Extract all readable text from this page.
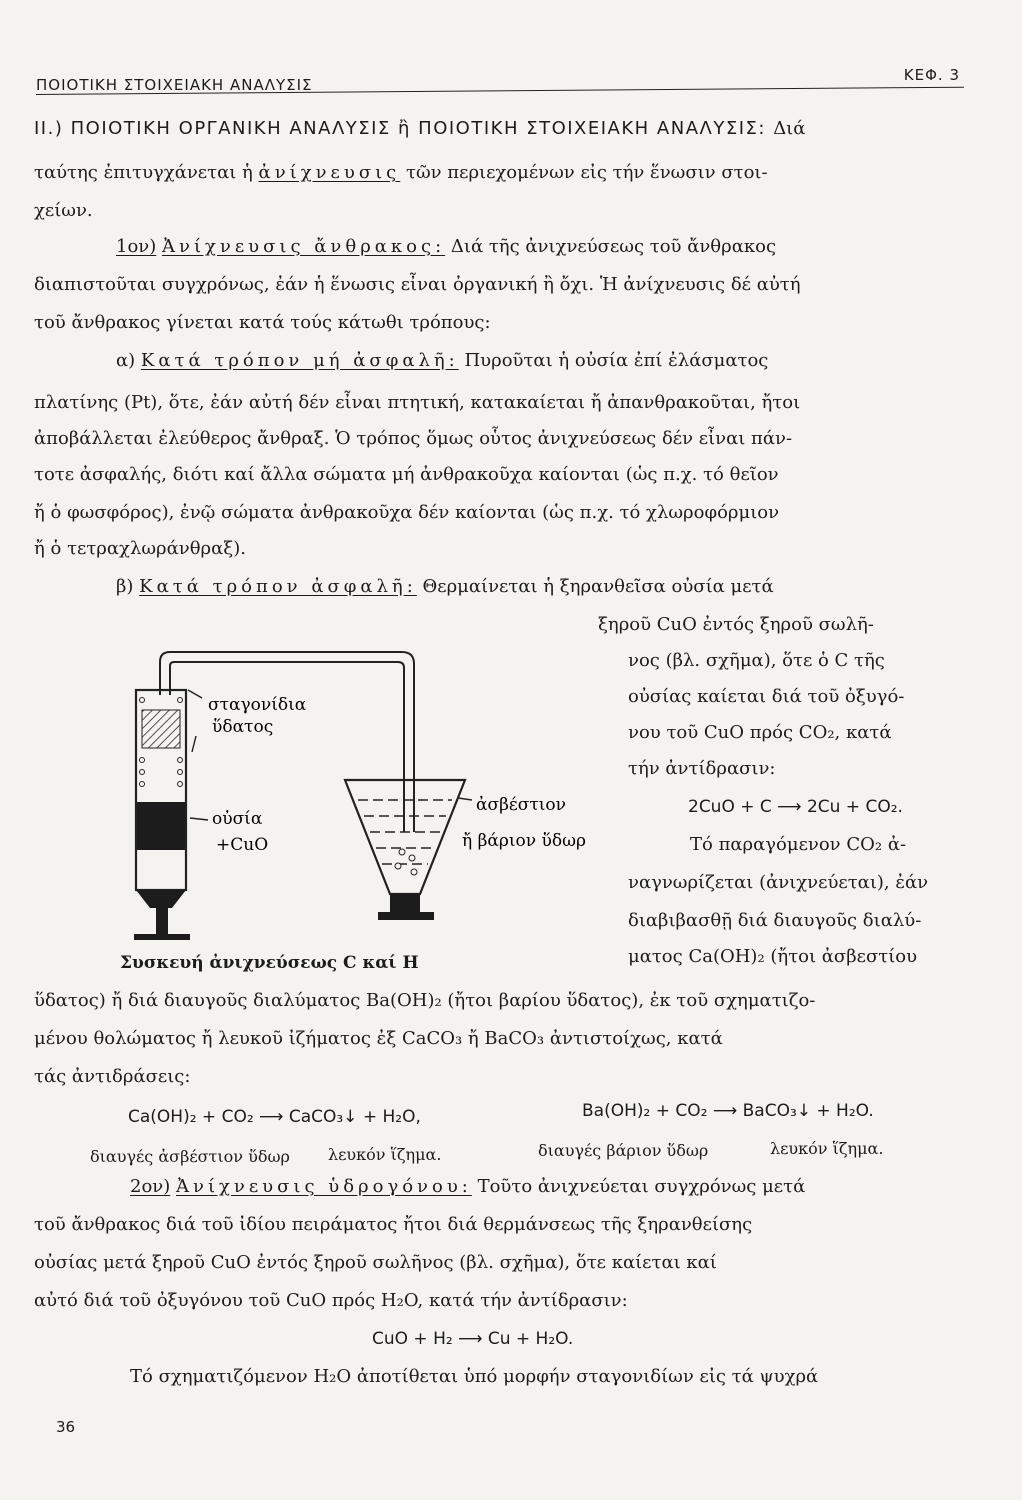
ΠΟΙΟΤΙΚΗ ΣΤΟΙΧΕΙΑΚΗ ΑΝΑΛΥΣΙΣ
ΚΕΦ. 3
II.) ΠΟΙΟΤΙΚΗ ΟΡΓΑΝΙΚΗ ΑΝΑΛΥΣΙΣ ἢ ΠΟΙΟΤΙΚΗ ΣΤΟΙΧΕΙΑΚΗ ΑΝΑΛΥΣΙΣ: Διά
ταύτης ἐπιτυγχάνεται ἡ ἀνίχνευσις τῶν περιεχομένων εἰς τήν ἕνωσιν στοι-
χείων.
1ον) Ἀνίχνευσις ἄνθρακος: Διά τῆς ἀνιχνεύσεως τοῦ ἄνθρακος
διαπιστοῦται συγχρόνως, ἐάν ἡ ἕνωσις εἶναι ὀργανική ἢ ὄχι. Ἡ ἀνίχνευσις δέ αὐτή
τοῦ ἄνθρακος γίνεται κατά τούς κάτωθι τρόπους:
α) Κατά τρόπον μή ἀσφαλῆ: Πυροῦται ἡ οὐσία ἐπί ἐλάσματος
πλατίνης (Pt), ὅτε, ἐάν αὐτή δέν εἶναι πτητική, κατακαίεται ἤ ἀπανθρακοῦται, ἤτοι
ἀποβάλλεται ἐλεύθερος ἄνθραξ. Ὁ τρόπος ὅμως οὗτος ἀνιχνεύσεως δέν εἶναι πάν-
τοτε ἀσφαλής, διότι καί ἄλλα σώματα μή ἀνθρακοῦχα καίονται (ὡς π.χ. τό θεῖον
ἤ ὁ φωσφόρος), ἐνῷ σώματα ἀνθρακοῦχα δέν καίονται (ὡς π.χ. τό χλωροφόρμιον
ἤ ὁ τετραχλωράνθραξ).
β) Κατά τρόπον ἀσφαλῆ: Θερμαίνεται ἡ ξηρανθεῖσα οὐσία μετά
ξηροῦ CuO ἐντός ξηροῦ σωλῆ-
νος (βλ. σχῆμα), ὅτε ὁ C τῆς
οὐσίας καίεται διά τοῦ ὀξυγό-
νου τοῦ CuO πρός CO₂, κατά
τήν ἀντίδρασιν:
2CuO + C ⟶ 2Cu + CO₂.
Τό παραγόμενον CO₂ ἀ-
ναγνωρίζεται (ἀνιχνεύεται), ἐάν
διαβιβασθῇ διά διαυγοῦς διαλύ-
ματος Ca(OH)₂ (ἤτοι ἀσβεστίου
σταγονίδια
ὕδατος
οὐσία
+CuO
ἀσβέστιον
ἤ βάριον ὕδωρ
Συσκευή ἀνιχνεύσεως C καί H
ὕδατος) ἤ διά διαυγοῦς διαλύματος Ba(OH)₂ (ἤτοι βαρίου ὕδατος), ἐκ τοῦ σχηματιζο-
μένου θολώματος ἤ λευκοῦ ἰζήματος ἐξ CaCO₃ ἤ BaCO₃ ἀντιστοίχως, κατά
τάς ἀντιδράσεις:
Ca(OH)₂ + CO₂ ⟶ CaCO₃↓ + H₂O,	Ba(OH)₂ + CO₂ ⟶ BaCO₃↓ + H₂O.
διαυγές ἀσβέστιον ὕδωρ λευκόν ἵζημα.	διαυγές βάριον ὕδωρ	λευκόν ἵζημα.
2ον) Ἀνίχνευσις ὑδρογόνου: Τοῦτο ἀνιχνεύεται συγχρόνως μετά
τοῦ ἄνθρακος διά τοῦ ἰδίου πειράματος ἤτοι διά θερμάνσεως τῆς ξηρανθείσης
οὐσίας μετά ξηροῦ CuO ἐντός ξηροῦ σωλῆνος (βλ. σχῆμα), ὅτε καίεται καί
αὐτό διά τοῦ ὀξυγόνου τοῦ CuO πρός H₂O, κατά τήν ἀντίδρασιν:
CuO + H₂ ⟶ Cu + H₂O.
Τό σχηματιζόμενον H₂O ἀποτίθεται ὑπό μορφήν σταγονιδίων εἰς τά ψυχρά
36
